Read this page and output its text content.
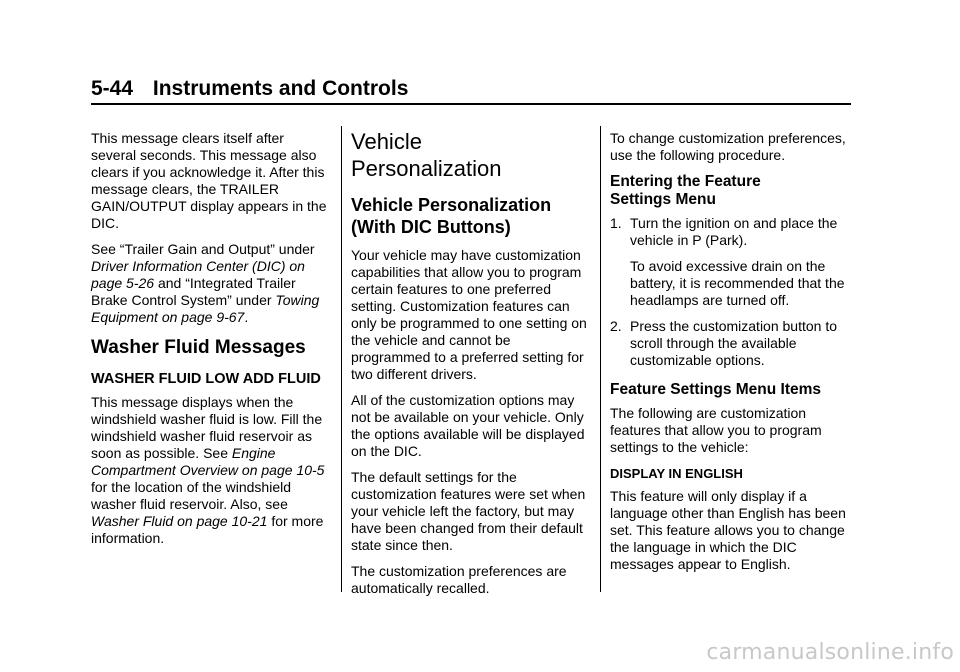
5-44 Instruments and Controls

This message clears itself after several seconds. This message also clears if you acknowledge it. After this message clears, the TRAILER GAIN/OUTPUT display appears in the DIC.

See “Trailer Gain and Output” under Driver Information Center (DIC) on page 5-26 and “Integrated Trailer Brake Control System” under Towing Equipment on page 9-67.

Washer Fluid Messages
WASHER FLUID LOW ADD FLUID

This message displays when the windshield washer fluid is low. Fill the windshield washer fluid reservoir as soon as possible. See Engine Compartment Overview on page 10-5 for the location of the windshield washer fluid reservoir. Also, see Washer Fluid on page 10-21 for more information.

Vehicle
Personalization
Vehicle Personalization
(With DIC Buttons)

Your vehicle may have customization capabilities that allow you to program certain features to one preferred setting. Customization features can only be programmed to one setting on the vehicle and cannot be programmed to a preferred setting for two different drivers.

All of the customization options may not be available on your vehicle. Only the options available will be displayed on the DIC.

The default settings for the customization features were set when your vehicle left the factory, but may have been changed from their default state since then.

The customization preferences are automatically recalled.

To change customization preferences, use the following procedure.

Entering the Feature
Settings Menu
1. Turn the ignition on and place the vehicle in P (Park).
To avoid excessive drain on the battery, it is recommended that the headlamps are turned off.
2. Press the customization button to scroll through the available customizable options.
Feature Settings Menu Items

The following are customization features that allow you to program settings to the vehicle:

DISPLAY IN ENGLISH

This feature will only display if a language other than English has been set. This feature allows you to change the language in which the DIC messages appear to English.

carmanualsonline.info
